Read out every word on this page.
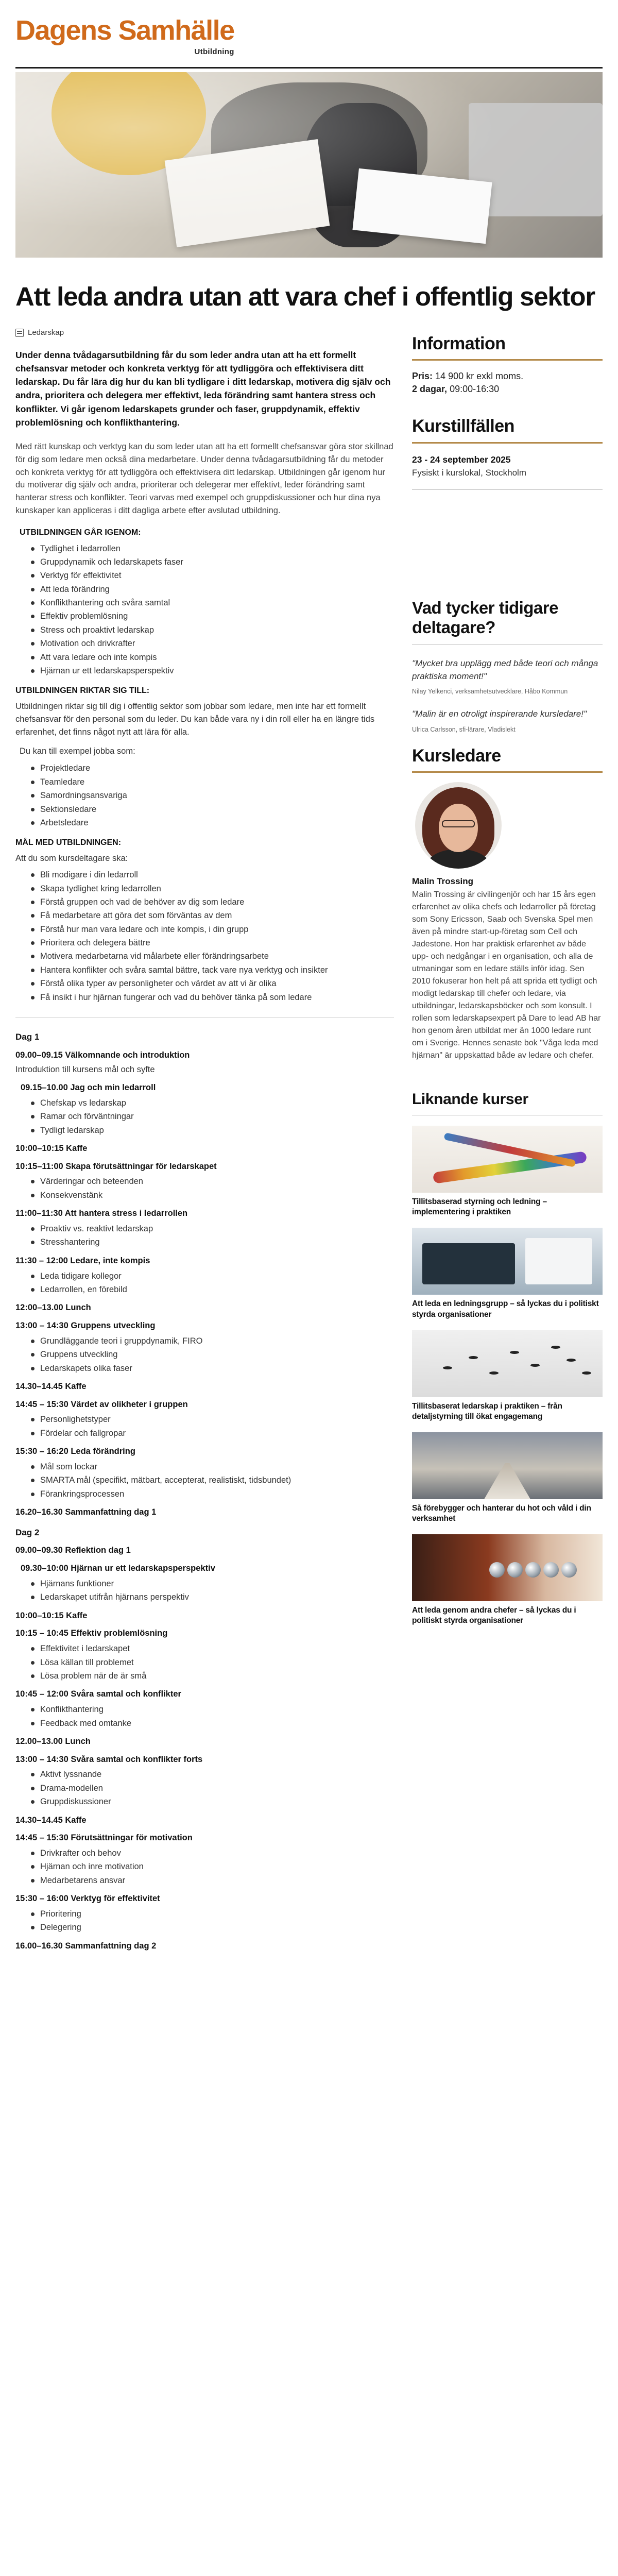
Dagens Samhälle
Utbildning
Att leda andra utan att vara chef i offentlig sektor
Ledarskap

Under denna tvådagarsutbildning får du som leder andra utan att ha ett formellt chefsansvar metoder och konkreta verktyg för att tydliggöra och effektivisera ditt ledarskap. Du får lära dig hur du kan bli tydligare i ditt ledarskap, motivera dig själv och andra, prioritera och delegera mer effektivt, leda förändring samt hantera stress och konflikter. Vi går igenom ledarskapets grunder och faser, gruppdynamik, effektiv problemlösning och konflikthantering.

Med rätt kunskap och verktyg kan du som leder utan att ha ett formellt chefsansvar göra stor skillnad för dig som ledare men också dina medarbetare. Under denna tvådagarsutbildning får du metoder och konkreta verktyg för att tydliggöra och effektivisera ditt ledarskap. Utbildningen går igenom hur du motiverar dig själv och andra, prioriterar och delegerar mer effektivt, leder förändring samt hanterar stress och konflikter. Teori varvas med exempel och gruppdiskussioner och hur dina nya kunskaper kan appliceras i ditt dagliga arbete efter avslutad utbildning.

UTBILDNINGEN GÅR IGENOM:
Tydlighet i ledarrollen
Gruppdynamik och ledarskapets faser
Verktyg för effektivitet
Att leda förändring
Konflikthantering och svåra samtal
Effektiv problemlösning
Stress och proaktivt ledarskap
Motivation och drivkrafter
Att vara ledare och inte kompis
Hjärnan ur ett ledarskapsperspektiv
UTBILDNINGEN RIKTAR SIG TILL:

Utbildningen riktar sig till dig i offentlig sektor som jobbar som ledare, men inte har ett formellt chefsansvar för den personal som du leder. Du kan både vara ny i din roll eller ha en längre tids erfarenhet, det finns något nytt att lära för alla.

Du kan till exempel jobba som:

Projektledare
Teamledare
Samordningsansvariga
Sektionsledare
Arbetsledare
MÅL MED UTBILDNINGEN:

Att du som kursdeltagare ska:

Bli modigare i din ledarroll
Skapa tydlighet kring ledarrollen
Förstå gruppen och vad de behöver av dig som ledare
Få medarbetare att göra det som förväntas av dem
Förstå hur man vara ledare och inte kompis, i din grupp
Prioritera och delegera bättre
Motivera medarbetarna vid målarbete eller förändringsarbete
Hantera konflikter och svåra samtal bättre, tack vare nya verktyg och insikter
Förstå olika typer av personligheter och värdet av att vi är olika
Få insikt i hur hjärnan fungerar och vad du behöver tänka på som ledare
Dag 1
09.00–09.15 Välkomnande och introduktion
Introduktion till kursens mål och syfte
09.15–10.00 Jag och min ledarroll
Chefskap vs ledarskap
Ramar och förväntningar
Tydligt ledarskap
10:00–10:15 Kaffe
10:15–11:00 Skapa förutsättningar för ledarskapet
Värderingar och beteenden
Konsekvenstänk
11:00–11:30 Att hantera stress i ledarrollen
Proaktiv vs. reaktivt ledarskap
Stresshantering
11:30 – 12:00 Ledare, inte kompis
Leda tidigare kollegor
Ledarrollen, en förebild
12:00–13.00 Lunch
13:00 – 14:30 Gruppens utveckling
Grundläggande teori i gruppdynamik, FIRO
Gruppens utveckling
Ledarskapets olika faser
14.30–14.45 Kaffe
14:45 – 15:30 Värdet av olikheter i gruppen
Personlighetstyper
Fördelar och fallgropar
15:30 – 16:20 Leda förändring
Mål som lockar
SMARTA mål (specifikt, mätbart, accepterat, realistiskt, tidsbundet)
Förankringsprocessen
16.20–16.30 Sammanfattning dag 1
Dag 2
09.00–09.30 Reflektion dag 1
09.30–10:00 Hjärnan ur ett ledarskapsperspektiv
Hjärnans funktioner
Ledarskapet utifrån hjärnans perspektiv
10:00–10:15 Kaffe
10:15 – 10:45 Effektiv problemlösning
Effektivitet i ledarskapet
Lösa källan till problemet
Lösa problem när de är små
10:45 – 12:00 Svåra samtal och konflikter
Konflikthantering
Feedback med omtanke
12.00–13.00 Lunch
13:00 – 14:30 Svåra samtal och konflikter forts
Aktivt lyssnande
Drama-modellen
Gruppdiskussioner
14.30–14.45 Kaffe
14:45 – 15:30 Förutsättningar för motivation
Drivkrafter och behov
Hjärnan och inre motivation
Medarbetarens ansvar
15:30 – 16:00 Verktyg för effektivitet
Prioritering
Delegering
16.00–16.30 Sammanfattning dag 2
Information
Pris: 14 900 kr exkl moms.
2 dagar, 09:00-16:30
Kurstillfällen
23 - 24 september 2025
Fysiskt i kurslokal, Stockholm
Vad tycker tidigare deltagare?
"Mycket bra upplägg med både teori och många praktiska moment!"
Nilay Yelkenci, verksamhetsutvecklare, Håbo Kommun
"Malin är en otroligt inspirerande kursledare!"
Ulrica Carlsson, sfi-lärare, Vladislekt
Kursledare
Malin Trossing
Malin Trossing är civilingenjör och har 15 års egen erfarenhet av olika chefs och ledarroller på företag som Sony Ericsson, Saab och Svenska Spel men även på mindre start-up-företag som Cell och Jadestone. Hon har praktisk erfarenhet av både upp- och nedgångar i en organisation, och alla de utmaningar som en ledare ställs inför idag. Sen 2010 fokuserar hon helt på att sprida ett tydligt och modigt ledarskap till chefer och ledare, via utbildningar, ledarskapsböcker och som konsult. I rollen som ledarskapsexpert på Dare to lead AB har hon genom åren utbildat mer än 1000 ledare runt om i Sverige. Hennes senaste bok "Våga leda med hjärnan" är uppskattad både av ledare och chefer.
Liknande kurser
Tillitsbaserad styrning och ledning – implementering i praktiken
Att leda en ledningsgrupp – så lyckas du i politiskt styrda organisationer
Tillitsbaserat ledarskap i praktiken – från detaljstyrning till ökat engagemang
Så förebygger och hanterar du hot och våld i din verksamhet
Att leda genom andra chefer – så lyckas du i politiskt styrda organisationer
